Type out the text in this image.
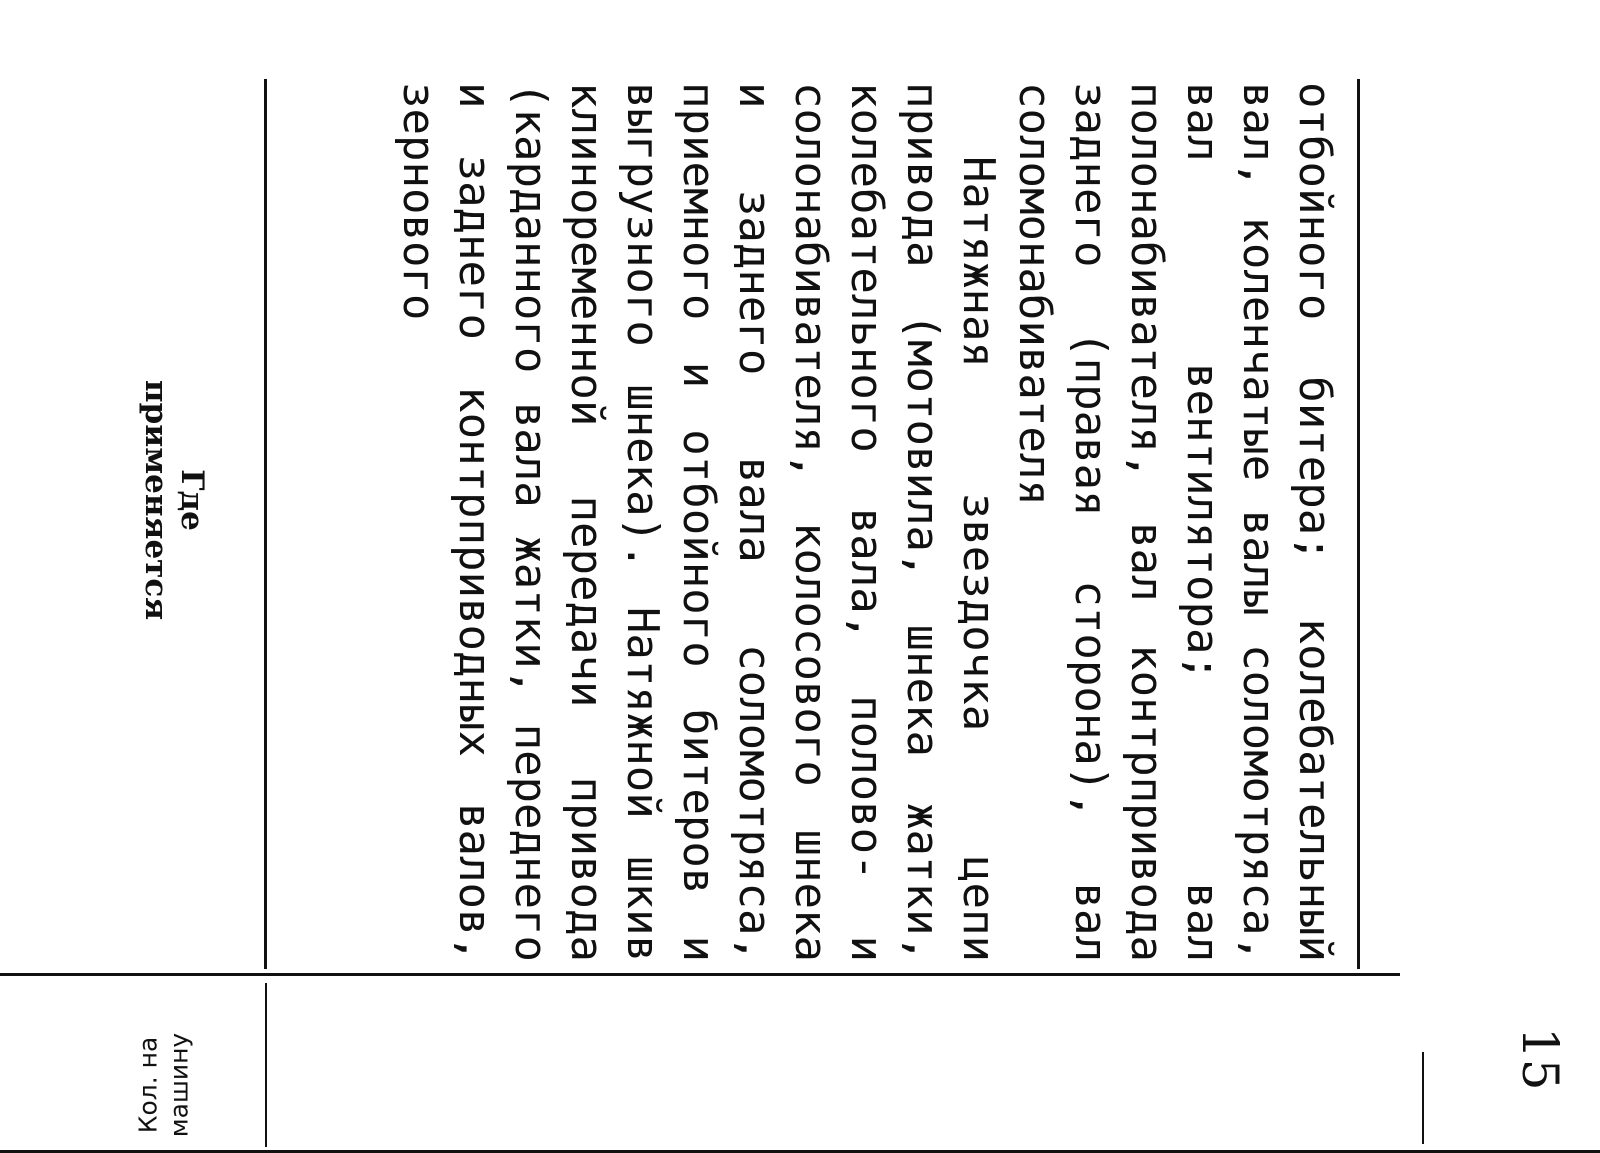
15
Где применяется
Кол. на машину

отбойного битера; колебательный вал, коленчатые валы соломотряса, вал вентилятора; вал полонабивателя, вал контрпривода заднего (правая сторона), вал соломонабивателя

Натяжная звездочка цепи привода (мотовила, шнека жатки, колебательного вала, полово- и солонабивателя, колосового шнека и заднего вала соломотряса, приемного и отбойного битеров и выгрузного шнека). Натяжной шкив клиноременной передачи привода (карданного вала жатки, переднего и заднего контрприводных валов, зернового
